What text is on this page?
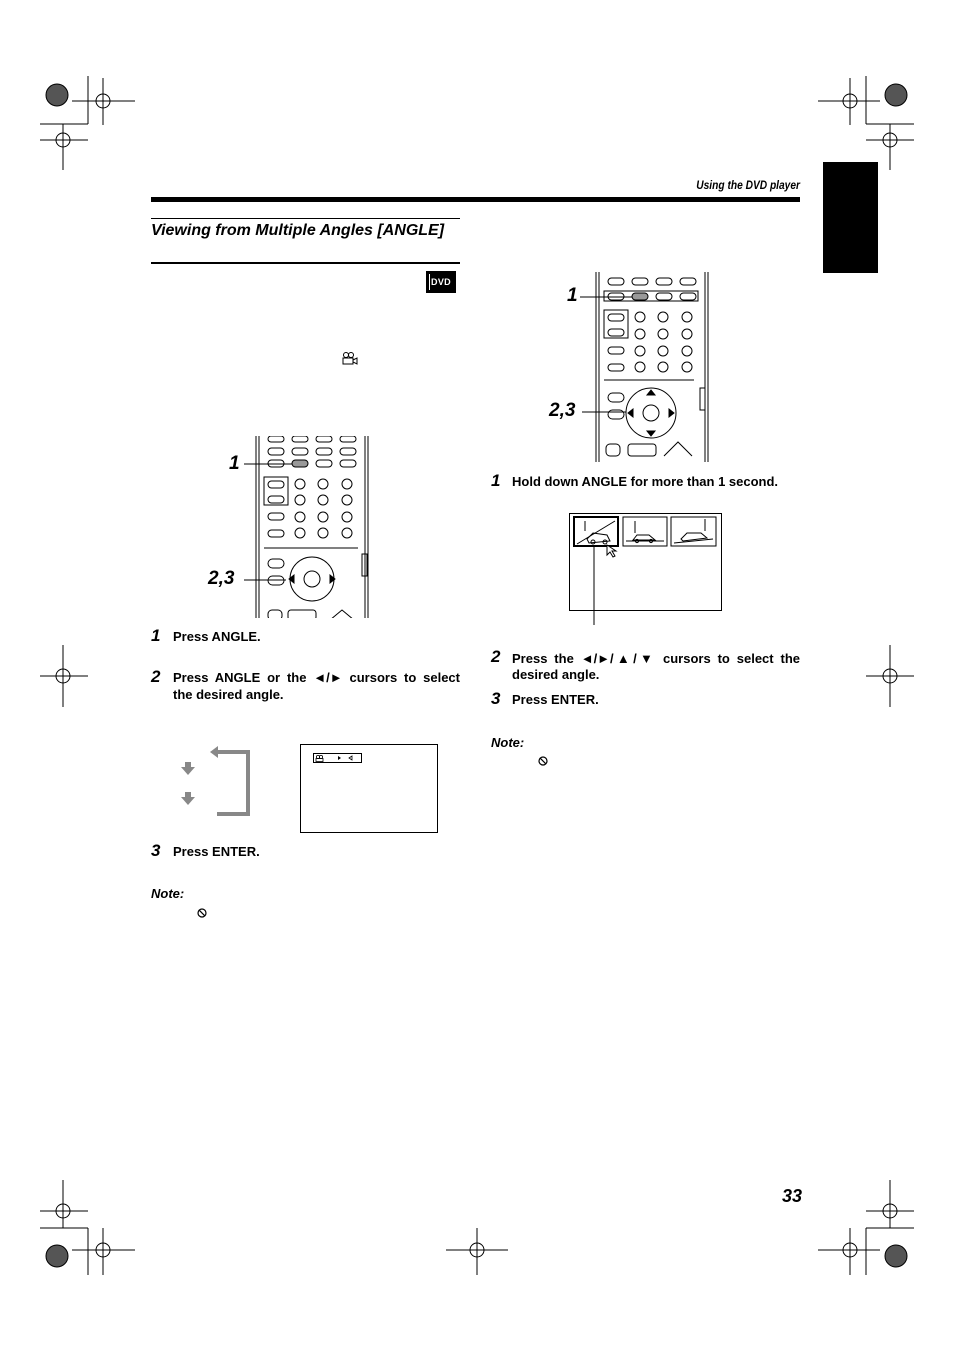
Using the DVD player
Viewing from Multiple Angles [ANGLE]
DVD
1
2,3
1 Press ANGLE.
2 Press ANGLE or the ◄/► cursors to select the desired angle.
3 Press ENTER.
Note:
1
2,3
1 Hold down ANGLE for more than 1 second.
2 Press the ◄/►/▲/▼ cursors to select the
desired angle.
3 Press ENTER.
Note:
33
